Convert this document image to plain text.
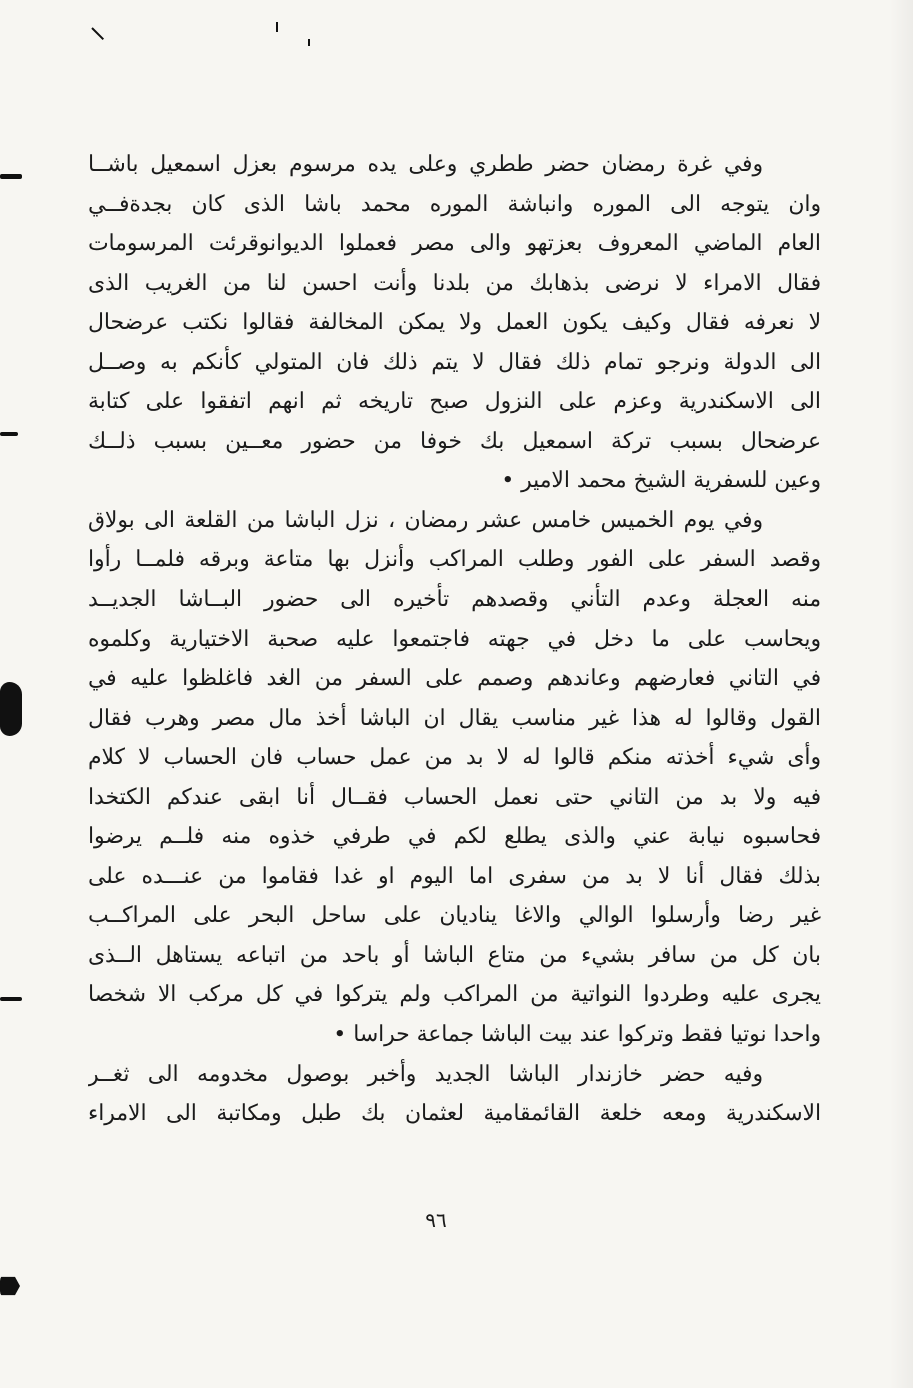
وفي غرة رمضان حضر ططري وعلى يده مرسوم بعزل اسمعيل باشــا
وان يتوجه الى الموره وانباشة الموره محمد باشا الذى كان بجدةفــي
العام الماضي المعروف بعزتهو والى مصر فعملوا الديوانوقرئت المرسومات
فقال الامراء لا نرضى بذهابك من بلدنا وأنت احسن لنا من الغريب الذى
لا نعرفه فقال وكيف يكون العمل ولا يمكن المخالفة فقالوا نكتب عرضحال
الى الدولة ونرجو تمام ذلك فقال لا يتم ذلك فان المتولي كأنكم به وصــل
الى الاسكندرية وعزم على النزول صبح تاريخه ثم انهم اتفقوا على كتابة
عرضحال بسبب تركة اسمعيل بك خوفا من حضور معــين بسبب ذلــك
وعين للسفرية الشيخ محمد الامير •
وفي يوم الخميس خامس عشر رمضان ، نزل الباشا من القلعة الى بولاق
وقصد السفر على الفور وطلب المراكب وأنزل بها متاعة وبرقه فلمــا رأوا
منه العجلة وعدم التأني وقصدهم تأخيره الى حضور البــاشا الجديــد
ويحاسب على ما دخل في جهته فاجتمعوا عليه صحبة الاختيارية وكلموه
في التاني فعارضهم وعاندهم وصمم على السفر من الغد فاغلظوا عليه في
القول وقالوا له هذا غير مناسب يقال ان الباشا أخذ مال مصر وهرب فقال
وأى شيء أخذته منكم قالوا له لا بد من عمل حساب فان الحساب لا كلام
فيه ولا بد من التاني حتى نعمل الحساب فقــال أنا ابقى عندكم الكتخدا
فحاسبوه نيابة عني والذى يطلع لكم في طرفي خذوه منه فلــم يرضوا
بذلك فقال أنا لا بد من سفرى اما اليوم او غدا فقاموا من عنـــده على
غير رضا وأرسلوا الوالي والاغا يناديان على ساحل البحر على المراكــب
بان كل من سافر بشيء من متاع الباشا أو باحد من اتباعه يستاهل الــذى
يجرى عليه وطردوا النواتية من المراكب ولم يتركوا في كل مركب الا شخصا
واحدا نوتيا فقط وتركوا عند بيت الباشا جماعة حراسا •
وفيه حضر خازندار الباشا الجديد وأخبر بوصول مخدومه الى ثغــر
الاسكندرية ومعه خلعة القائمقامية لعثمان بك طبل ومكاتبة الى الامراء
٩٦
